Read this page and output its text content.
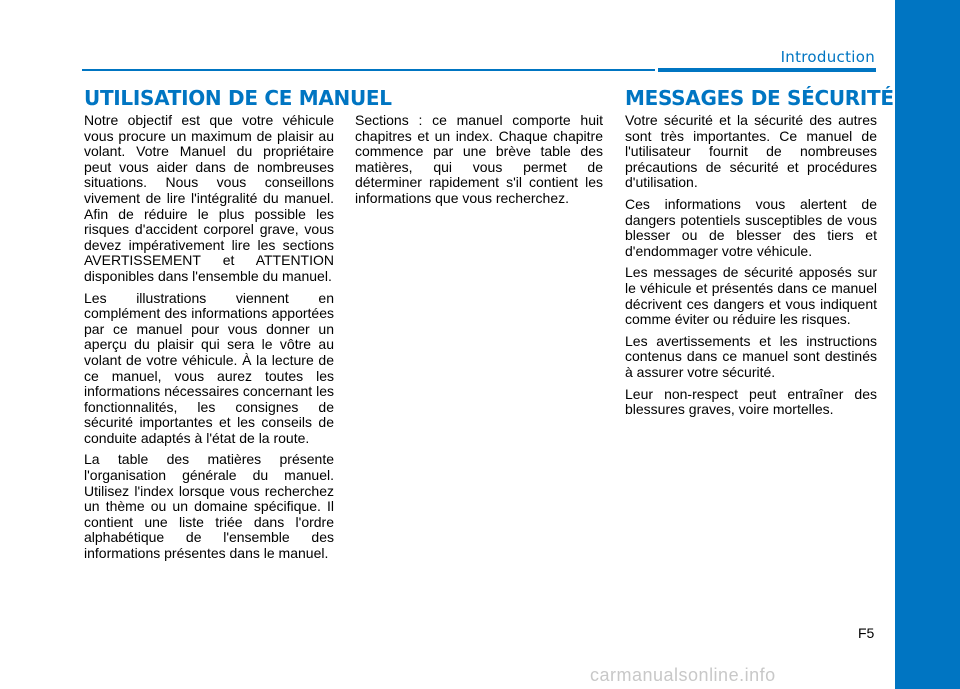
Introduction
UTILISATION DE CE MANUEL	MESSAGES DE SÉCURITÉ

Notre objectif est que votre véhicule vous procure un maximum de plaisir au volant. Votre Manuel du propriétaire peut vous aider dans de nombreuses situations. Nous vous conseillons vivement de lire l'intégralité du manuel. Afin de réduire le plus possible les risques d'accident corporel grave, vous devez impérativement lire les sections AVERTISSEMENT et ATTENTION disponibles dans l'ensemble du manuel.

Les illustrations viennent en complément des informations apportées par ce manuel pour vous donner un aperçu du plaisir qui sera le vôtre au volant de votre véhicule. À la lecture de ce manuel, vous aurez toutes les informations nécessaires concernant les fonctionnalités, les consignes de sécurité importantes et les conseils de conduite adaptés à l'état de la route.

La table des matières présente l'organisation générale du manuel. Utilisez l'index lorsque vous recherchez un thème ou un domaine spécifique. Il contient une liste triée dans l'ordre alphabétique de l'ensemble des informations présentes dans le manuel.

Sections : ce manuel comporte huit chapitres et un index. Chaque chapitre commence par une brève table des matières, qui vous permet de déterminer rapidement s'il contient les informations que vous recherchez.

Votre sécurité et la sécurité des autres sont très importantes. Ce manuel de l'utilisateur fournit de nombreuses précautions de sécurité et procédures d'utilisation.

Ces informations vous alertent de dangers potentiels susceptibles de vous blesser ou de blesser des tiers et d'endommager votre véhicule.

Les messages de sécurité apposés sur le véhicule et présentés dans ce manuel décrivent ces dangers et vous indiquent comme éviter ou réduire les risques.

Les avertissements et les instructions contenus dans ce manuel sont destinés à assurer votre sécurité.

Leur non-respect peut entraîner des blessures graves, voire mortelles.

F5
carmanualsonline.info
